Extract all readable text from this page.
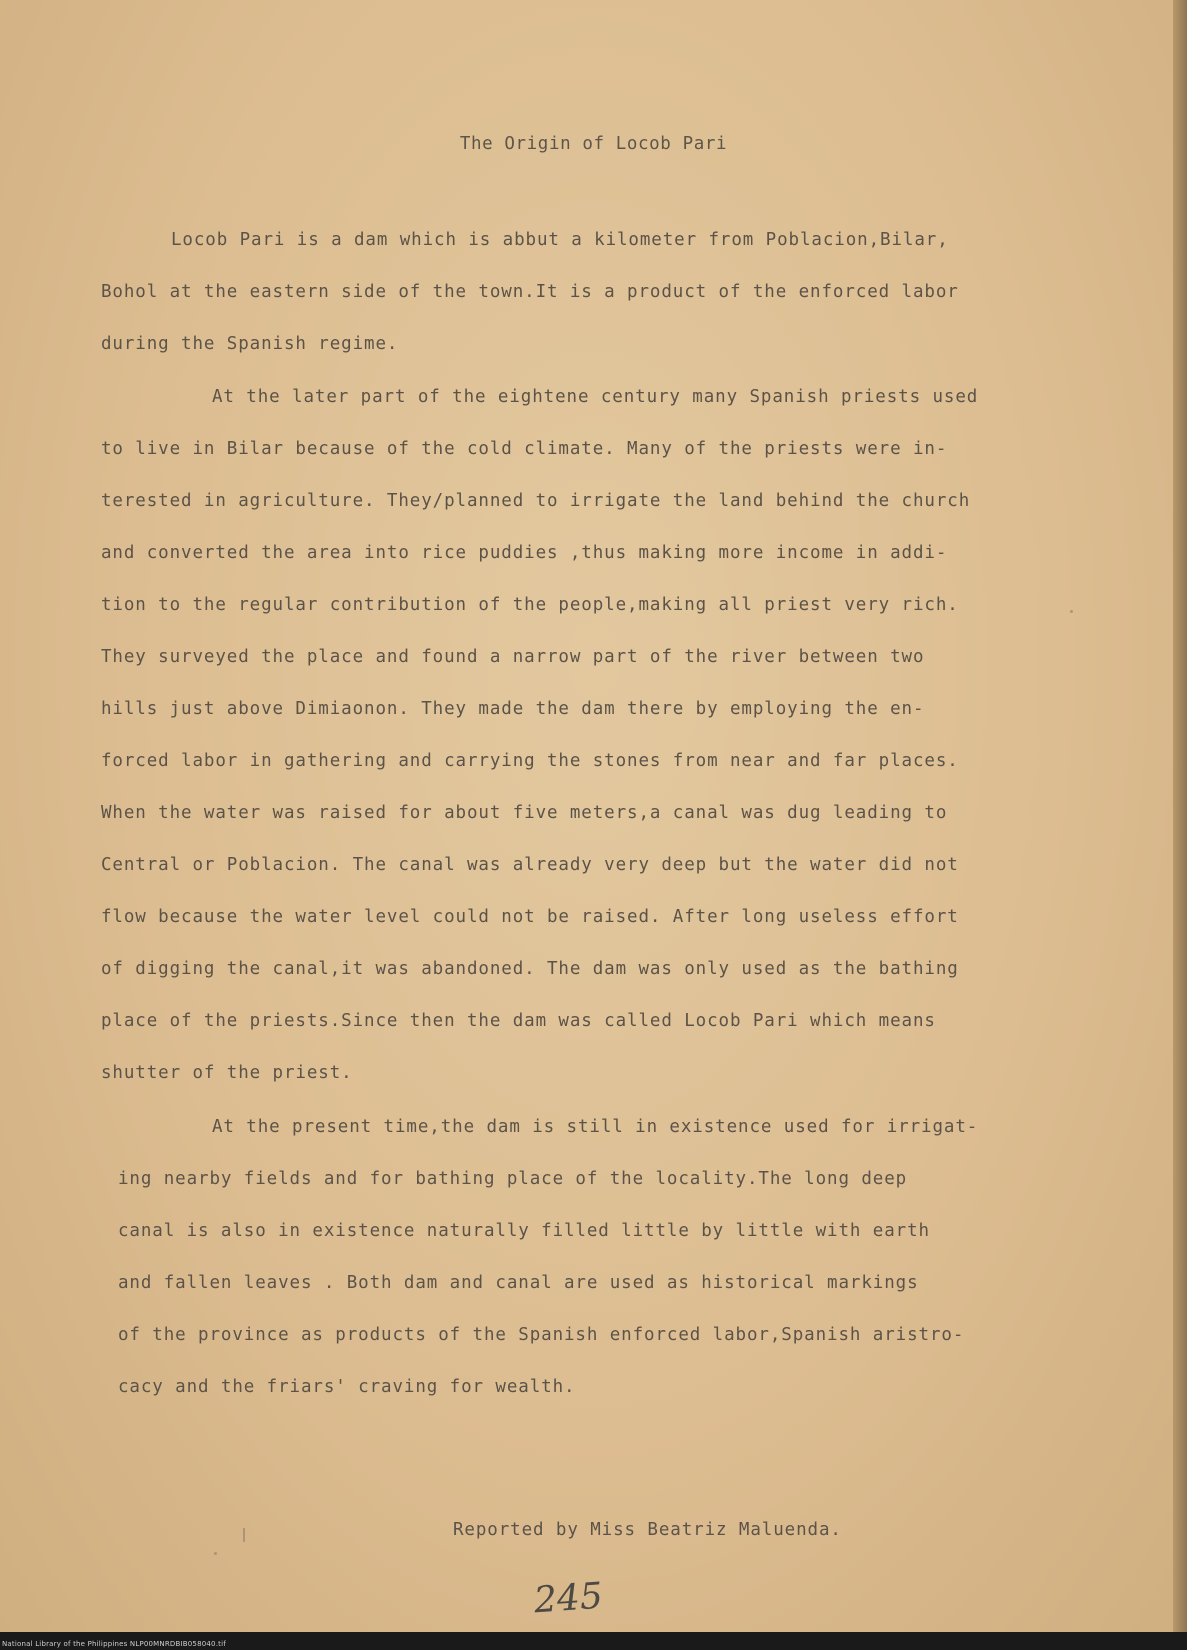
The Origin of Locob Pari
Locob Pari is a dam which is abbut a kilometer from Poblacion,Bilar,
Bohol at the eastern side of the town.It is a product of the enforced labor
during the Spanish regime.
At the later part of the eightene century many Spanish priests used
to live in Bilar because of the cold climate. Many of the priests were in-
terested in agriculture. They/planned to irrigate the land behind the church
and converted the area into rice puddies ,thus making more income in addi-
tion to the regular contribution of the people,making all priest very rich.
They surveyed the place and found a narrow part of the river between two
hills just above Dimiaonon. They made the dam there by employing the en-
forced labor in gathering and carrying the stones from near and far places.
When the water was raised for about five meters,a canal was dug leading to
Central or Poblacion. The canal was already very deep but the water did not
flow because the water level could not be raised. After long useless effort
of digging the canal,it was abandoned. The dam was only used as the bathing
place of the priests.Since then the dam was called Locob Pari which means
shutter of the priest.
At the present time,the dam is still in existence used for irrigat-
ing nearby fields and for bathing place of the locality.The long deep
canal is also in existence naturally filled little by little with earth
and fallen leaves . Both dam and canal are used as historical markings
of the province as products of the Spanish enforced labor,Spanish aristro-
cacy and the friars' craving for wealth.
Reported by Miss Beatriz Maluenda.
245
National Library of the Philippines NLP00MNRDBIB058040.tif
